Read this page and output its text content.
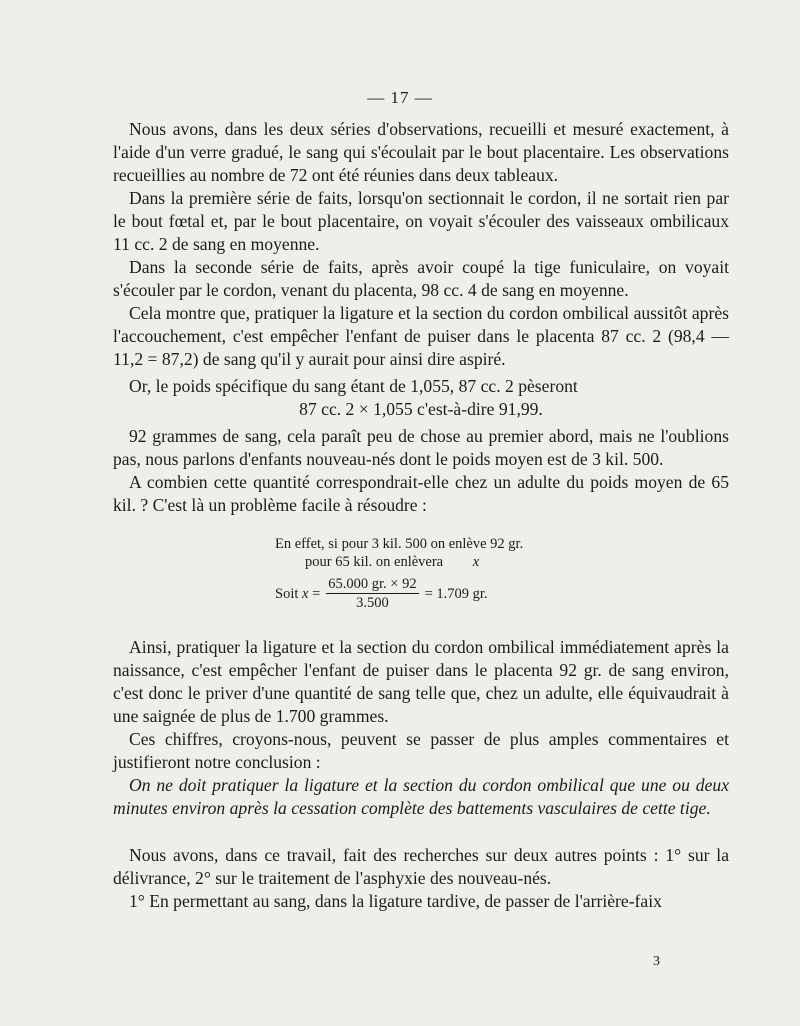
— 17 —

Nous avons, dans les deux séries d'observations, recueilli et mesuré exactement, à l'aide d'un verre gradué, le sang qui s'écoulait par le bout placentaire. Les observations recueillies au nombre de 72 ont été réunies dans deux tableaux.

Dans la première série de faits, lorsqu'on sectionnait le cordon, il ne sortait rien par le bout fœtal et, par le bout placentaire, on voyait s'écouler des vaisseaux ombilicaux 11 cc. 2 de sang en moyenne.

Dans la seconde série de faits, après avoir coupé la tige funiculaire, on voyait s'écouler par le cordon, venant du placenta, 98 cc. 4 de sang en moyenne.

Cela montre que, pratiquer la ligature et la section du cordon ombilical aussitôt après l'accouchement, c'est empêcher l'enfant de puiser dans le placenta 87 cc. 2 (98,4 — 11,2 = 87,2) de sang qu'il y aurait pour ainsi dire aspiré.

Or, le poids spécifique du sang étant de 1,055, 87 cc. 2 pèseront

87 cc. 2 × 1,055 c'est-à-dire 91,99.

92 grammes de sang, cela paraît peu de chose au premier abord, mais ne l'oublions pas, nous parlons d'enfants nouveau-nés dont le poids moyen est de 3 kil. 500.

A combien cette quantité correspondrait-elle chez un adulte du poids moyen de 65 kil. ? C'est là un problème facile à résoudre :

En effet, si pour 3 kil. 500 on enlève 92 gr.
pour 65 kil. on enlèvera x
Soit
x
= $\frac{65.000 gr. \times 92}{3.500} = 1.709$ gr.

Ainsi, pratiquer la ligature et la section du cordon ombilical immédiatement après la naissance, c'est empêcher l'enfant de puiser dans le placenta 92 gr. de sang environ, c'est donc le priver d'une quantité de sang telle que, chez un adulte, elle équivaudrait à une saignée de plus de 1.700 grammes.

Ces chiffres, croyons-nous, peuvent se passer de plus amples commentaires et justifieront notre conclusion :

On ne doit pratiquer la ligature et la section du cordon ombilical que une ou deux minutes environ après la cessation complète des battements vasculaires de cette tige.

Nous avons, dans ce travail, fait des recherches sur deux autres points : 1° sur la délivrance, 2° sur le traitement de l'asphyxie des nouveau-nés.

1° En permettant au sang, dans la ligature tardive, de passer de l'arrière-faix

3
